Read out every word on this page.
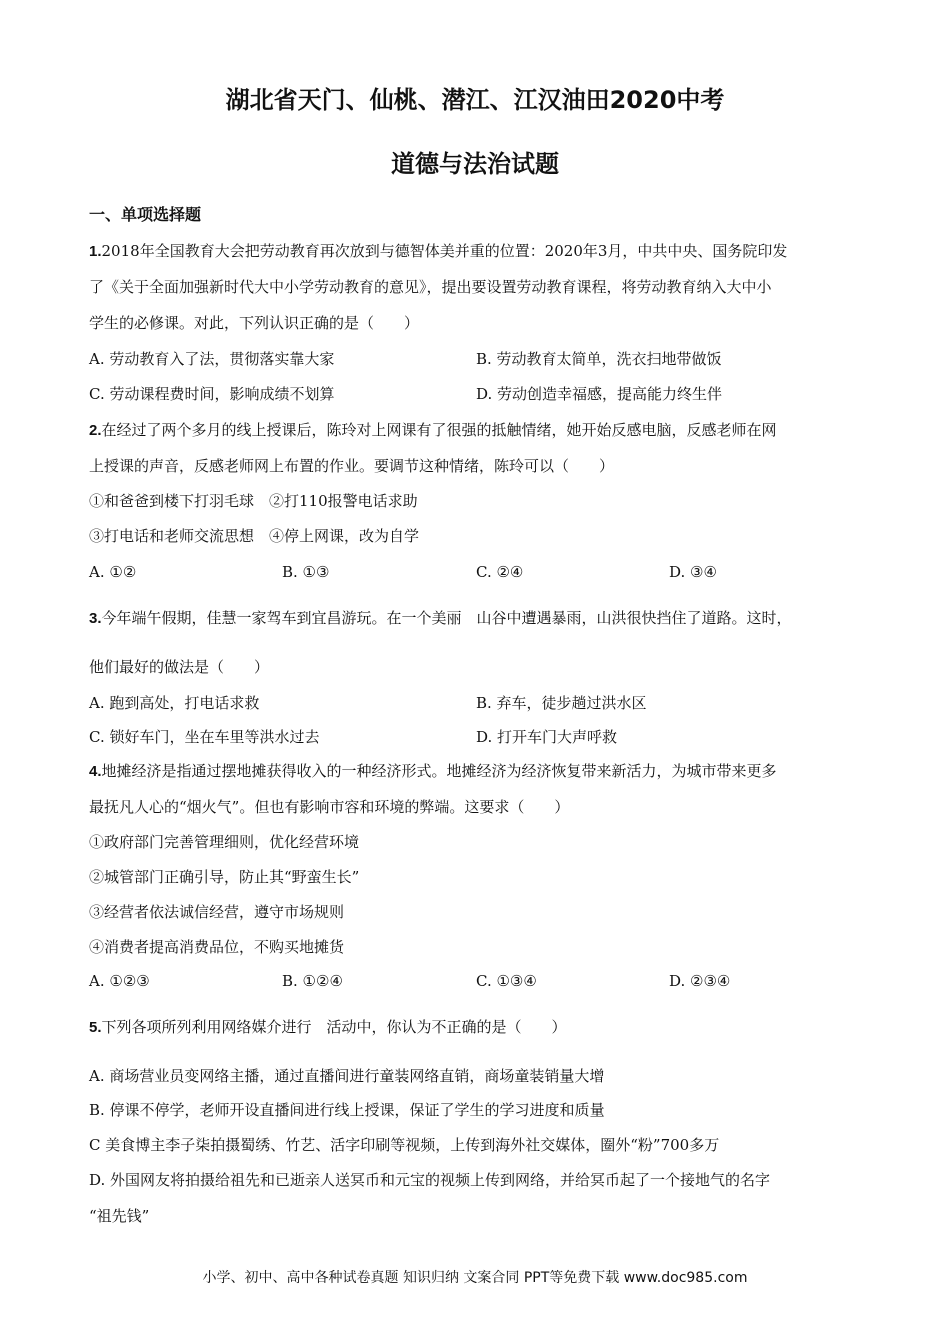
湖北省天门、仙桃、潜江、江汉油田2020中考
道德与法治试题
一、单项选择题
1.2018年全国教育大会把劳动教育再次放到与德智体美并重的位置：2020年3月，中共中央、国务院印发
了《关于全面加强新时代大中小学劳动教育的意见》，提出要设置劳动教育课程，将劳动教育纳入大中小
学生的必修课。对此，下列认识正确的是（　　）
A. 劳动教育入了法，贯彻落实靠大家	B. 劳动教育太简单，洗衣扫地带做饭
C. 劳动课程费时间，影响成绩不划算	D. 劳动创造幸福感，提高能力终生伴
2.在经过了两个多月的线上授课后，陈玲对上网课有了很强的抵触情绪，她开始反感电脑，反感老师在网
上授课的声音，反感老师网上布置的作业。要调节这种情绪，陈玲可以（　　）
①和爸爸到楼下打羽毛球　②打110报警电话求助
③打电话和老师交流思想　④停上网课，改为自学
A. ①②	B. ①③	C. ②④	D. ③④
3.今年端午假期，佳慧一家驾车到宜昌游玩。在一个美丽　山谷中遭遇暴雨，山洪很快挡住了道路。这时，
他们最好的做法是（　　）
A. 跑到高处，打电话求救	B. 弃车，徒步趟过洪水区
C. 锁好车门，坐在车里等洪水过去	D. 打开车门大声呼救
4.地摊经济是指通过摆地摊获得收入的一种经济形式。地摊经济为经济恢复带来新活力，为城市带来更多
最抚凡人心的“烟火气”。但也有影响市容和环境的弊端。这要求（　　）
①政府部门完善管理细则，优化经营环境
②城管部门正确引导，防止其“野蛮生长”
③经营者依法诚信经营，遵守市场规则
④消费者提高消费品位，不购买地摊货
A. ①②③	B. ①②④	C. ①③④	D. ②③④
5.下列各项所列利用网络媒介进行　活动中，你认为不正确的是（　　）
A. 商场营业员变网络主播，通过直播间进行童装网络直销，商场童装销量大增
B. 停课不停学，老师开设直播间进行线上授课，保证了学生的学习进度和质量
C 美食博主李子柒拍摄蜀绣、竹艺、活字印刷等视频，上传到海外社交媒体，圈外“粉”700多万
D. 外国网友将拍摄给祖先和已逝亲人送冥币和元宝的视频上传到网络，并给冥币起了一个接地气的名字
“祖先钱”
小学、初中、高中各种试卷真题 知识归纳 文案合同 PPT等免费下载 www.doc985.com
